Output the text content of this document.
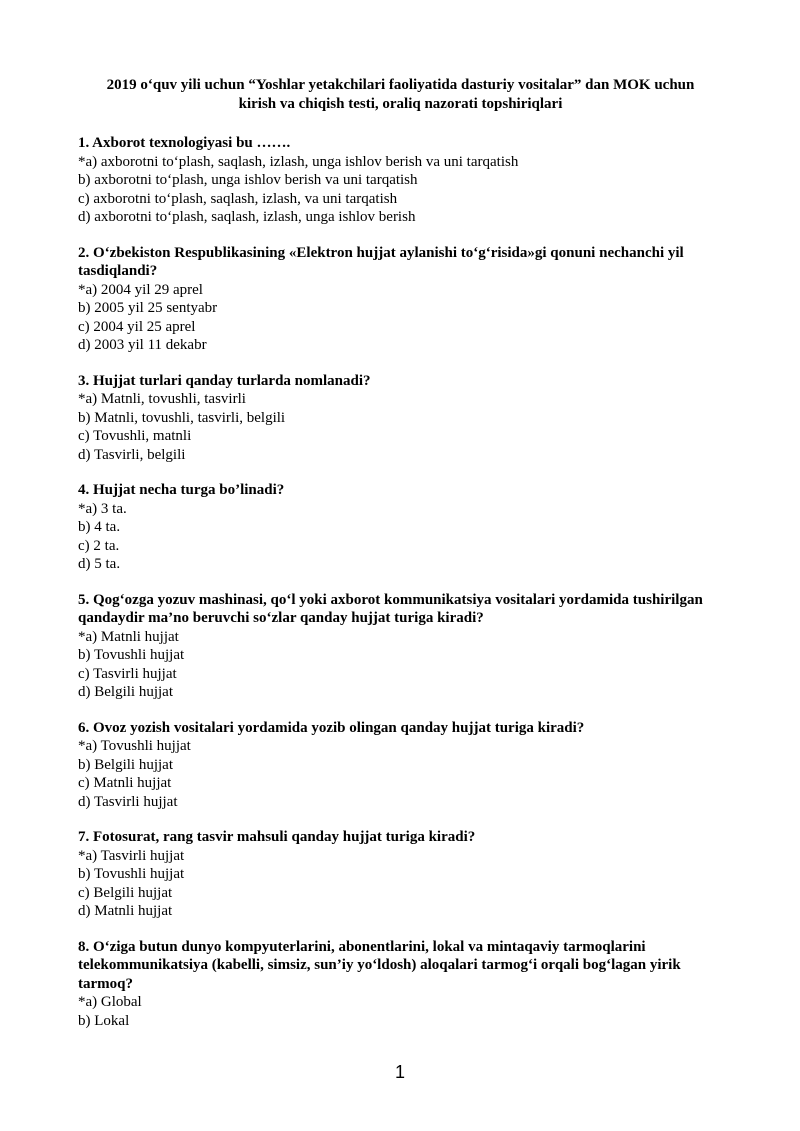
2019 o‘quv yili uchun “Yoshlar yetakchilari faoliyatida dasturiy vositalar” dan MOK uchun
kirish va chiqish testi, oraliq nazorati topshiriqlari

1. Axborot texnologiyasi bu …….

*a) axborotni to‘plash, saqlash, izlash, unga ishlov berish va uni tarqatish
b) axborotni to‘plash, unga ishlov berish va uni tarqatish
c) axborotni to‘plash, saqlash, izlash, va uni tarqatish
d) axborotni to‘plash, saqlash, izlash, unga ishlov berish

2. O‘zbekiston Respublikasining «Elektron hujjat aylanishi to‘g‘risida»gi qonuni nechanchi yil tasdiqlandi?

*a) 2004 yil 29 aprel
b) 2005 yil 25 sentyabr
c) 2004 yil 25 aprel
d) 2003 yil 11 dekabr

3. Hujjat turlari qanday turlarda nomlanadi?

*a) Matnli, tovushli, tasvirli
b) Matnli, tovushli, tasvirli, belgili
c) Tovushli, matnli
d) Tasvirli, belgili

4. Hujjat necha turga bo’linadi?

*a) 3 ta.
b) 4 ta.
c) 2 ta.
d) 5 ta.

5. Qog‘ozga yozuv mashinasi, qo‘l yoki axborot kommunikatsiya vositalari yordamida tushirilgan qandaydir ma’no beruvchi so‘zlar qanday hujjat turiga kiradi?

*a) Matnli hujjat
b) Tovushli hujjat
c) Tasvirli hujjat
d) Belgili hujjat

6. Ovoz yozish vositalari yordamida yozib olingan qanday hujjat turiga kiradi?

*a) Tovushli hujjat
b) Belgili hujjat
c) Matnli hujjat
d) Tasvirli hujjat

7. Fotosurat, rang tasvir mahsuli qanday hujjat turiga kiradi?

*a) Tasvirli hujjat
b) Tovushli hujjat
c) Belgili hujjat
d) Matnli hujjat

8. O‘ziga butun dunyo kompyuterlarini, abonentlarini, lokal va mintaqaviy tarmoqlarini telekommunikatsiya (kabelli, simsiz, sun’iy yo‘ldosh) aloqalari tarmog‘i orqali bog‘lagan yirik tarmoq?

*a) Global
b) Lokal
1
